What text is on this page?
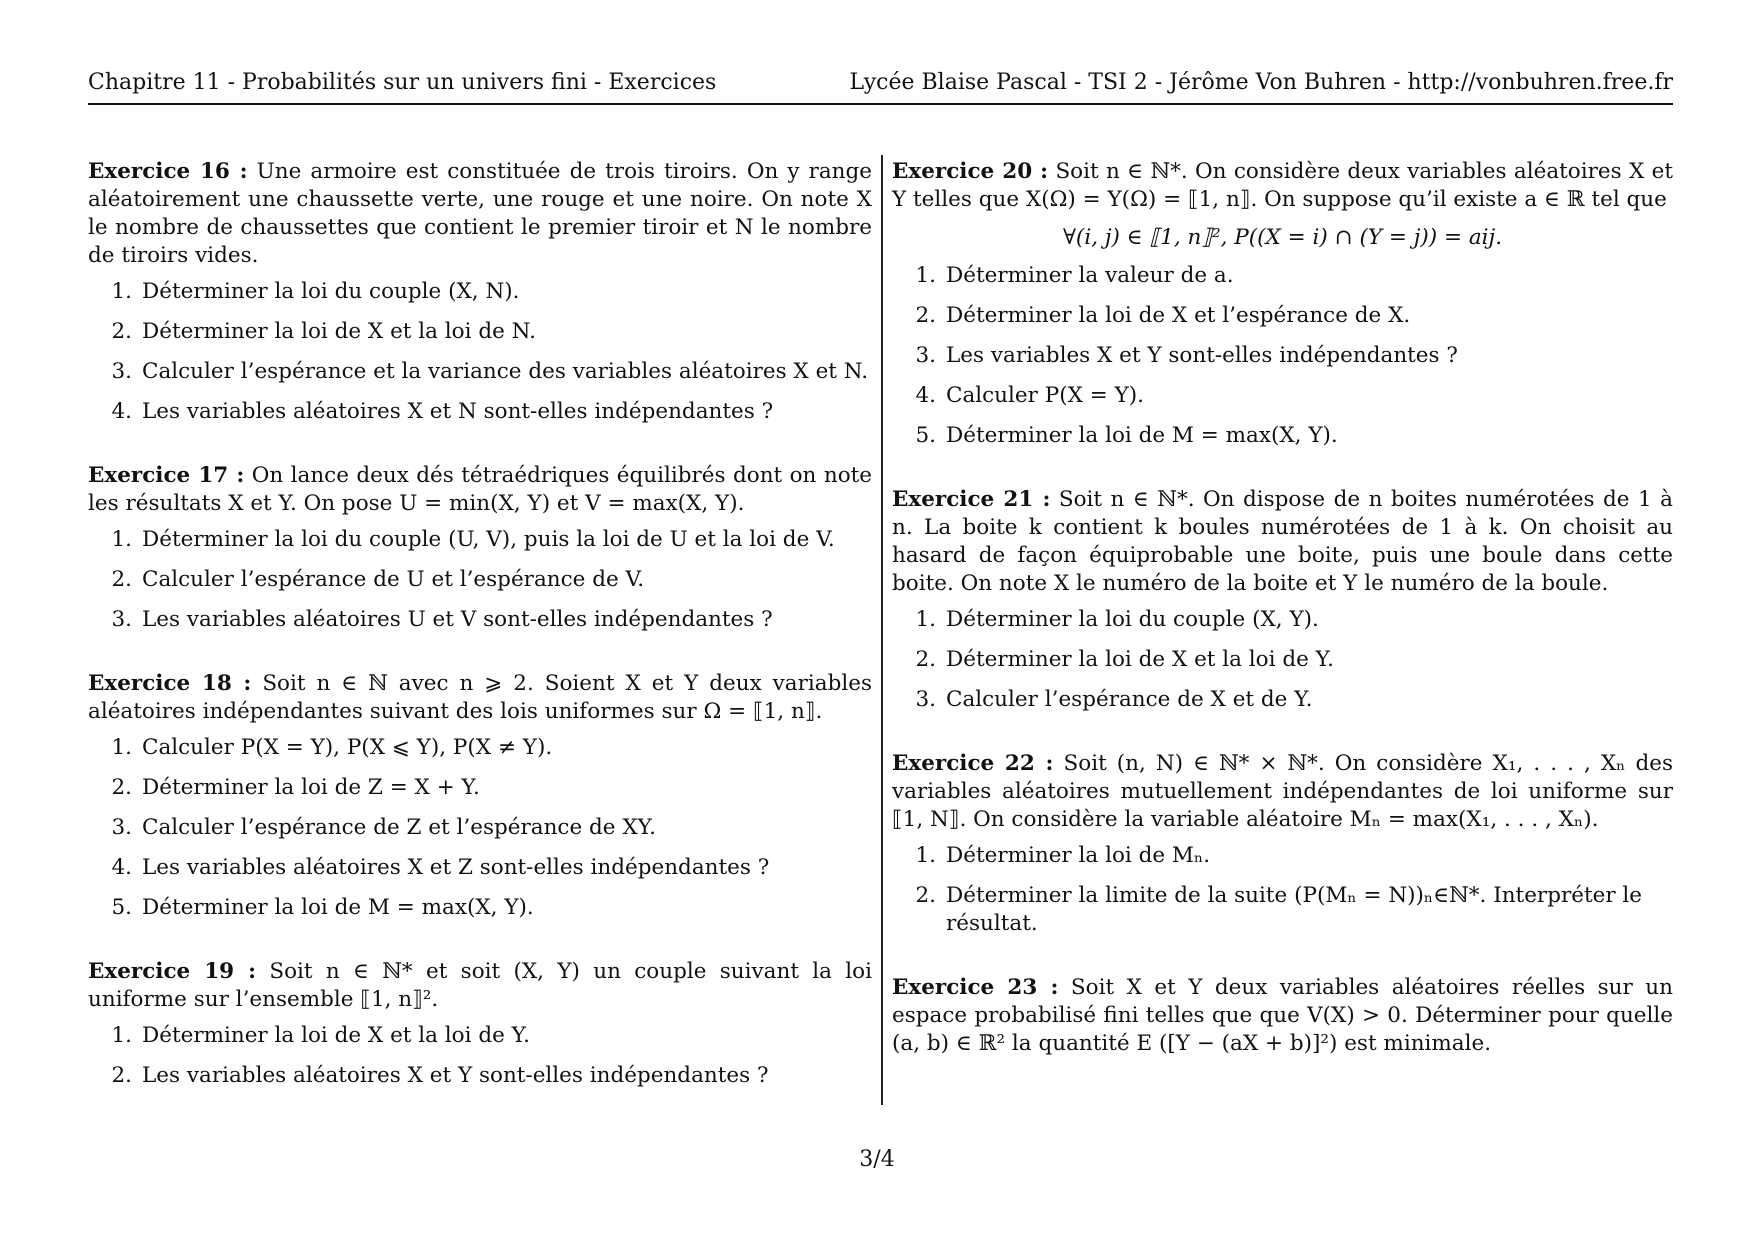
Chapitre 11 - Probabilités sur un univers fini - Exercices	Lycée Blaise Pascal - TSI 2 - Jérôme Von Buhren - http://vonbuhren.free.fr

Exercice 16 : Une armoire est constituée de trois tiroirs. On y range aléatoirement une chaussette verte, une rouge et une noire. On note X le nombre de chaussettes que contient le premier tiroir et N le nombre de tiroirs vides.

1. Déterminer la loi du couple (X, N).
2. Déterminer la loi de X et la loi de N.
3. Calculer l’espérance et la variance des variables aléatoires X et N.
4. Les variables aléatoires X et N sont-elles indépendantes ?

Exercice 17 : On lance deux dés tétraédriques équilibrés dont on note les résultats X et Y. On pose U = min(X, Y) et V = max(X, Y).

1. Déterminer la loi du couple (U, V), puis la loi de U et la loi de V.
2. Calculer l’espérance de U et l’espérance de V.
3. Les variables aléatoires U et V sont-elles indépendantes ?

Exercice 18 : Soit n ∈ ℕ avec n ⩾ 2. Soient X et Y deux variables aléatoires indépendantes suivant des lois uniformes sur Ω = ⟦1, n⟧.

1. Calculer P(X = Y), P(X ⩽ Y), P(X ≠ Y).
2. Déterminer la loi de Z = X + Y.
3. Calculer l’espérance de Z et l’espérance de XY.
4. Les variables aléatoires X et Z sont-elles indépendantes ?
5. Déterminer la loi de M = max(X, Y).

Exercice 19 : Soit n ∈ ℕ* et soit (X, Y) un couple suivant la loi uniforme sur l’ensemble ⟦1, n⟧².

1. Déterminer la loi de X et la loi de Y.
2. Les variables aléatoires X et Y sont-elles indépendantes ?

Exercice 20 : Soit n ∈ ℕ*. On considère deux variables aléatoires X et Y telles que X(Ω) = Y(Ω) = ⟦1, n⟧. On suppose qu’il existe a ∈ ℝ tel que

∀(i, j) ∈ ⟦1, n⟧², P((X = i) ∩ (Y = j)) = aij.
1. Déterminer la valeur de a.
2. Déterminer la loi de X et l’espérance de X.
3. Les variables X et Y sont-elles indépendantes ?
4. Calculer P(X = Y).
5. Déterminer la loi de M = max(X, Y).

Exercice 21 : Soit n ∈ ℕ*. On dispose de n boites numérotées de 1 à n. La boite k contient k boules numérotées de 1 à k. On choisit au hasard de façon équiprobable une boite, puis une boule dans cette boite. On note X le numéro de la boite et Y le numéro de la boule.

1. Déterminer la loi du couple (X, Y).
2. Déterminer la loi de X et la loi de Y.
3. Calculer l’espérance de X et de Y.

Exercice 22 : Soit (n, N) ∈ ℕ* × ℕ*. On considère X₁, . . . , Xₙ des variables aléatoires mutuellement indépendantes de loi uniforme sur ⟦1, N⟧. On considère la variable aléatoire Mₙ = max(X₁, . . . , Xₙ).

1. Déterminer la loi de Mₙ.
2. Déterminer la limite de la suite (P(Mₙ = N))ₙ∈ℕ*. Interpréter le résultat.

Exercice 23 : Soit X et Y deux variables aléatoires réelles sur un espace probabilisé fini telles que que V(X) > 0. Déterminer pour quelle (a, b) ∈ ℝ² la quantité E ([Y − (aX + b)]²) est minimale.

3/4
